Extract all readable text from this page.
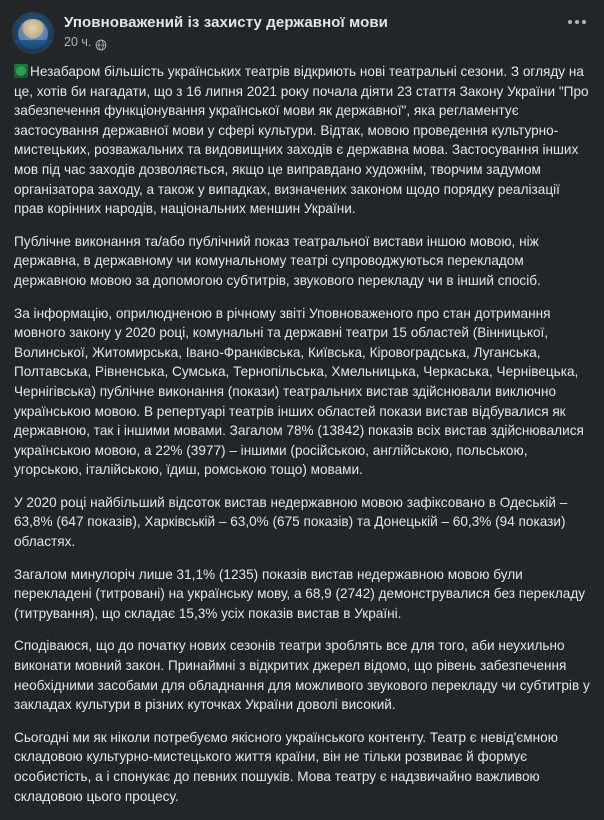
Уповноважений із захисту державної мови
20 ч.

Незабаром більшість українських театрів відкриють нові театральні сезони. З огляду на це, хотів би нагадати, що з 16 липня 2021 року почала діяти 23 стаття Закону України "Про забезпечення функціонування української мови як державної", яка регламентує застосування державної мови у сфері культури. Відтак, мовою проведення культурно-мистецьких, розважальних та видовищних заходів є державна мова. Застосування інших мов під час заходів дозволяється, якщо це виправдано художнім, творчим задумом організатора заходу, а також у випадках, визначених законом щодо порядку реалізації прав корінних народів, національних меншин України.

Публічне виконання та/або публічний показ театральної вистави іншою мовою, ніж державна, в державному чи комунальному театрі супроводжуються перекладом державною мовою за допомогою субтитрів, звукового перекладу чи в інший спосіб.

За інформацію, оприлюдненою в річному звіті Уповноваженого про стан дотримання мовного закону у 2020 році, комунальні та державні театри 15 областей (Вінницької, Волинської, Житомирська, Івано-Франківська, Київська, Кіровоградська, Луганська, Полтавська, Рівненська, Сумська, Тернопільська, Хмельницька, Черкаська, Чернівецька, Чернігівська) публічне виконання (покази) театральних вистав здійснювали виключно українською мовою. В репертуарі театрів інших областей покази вистав відбувалися як державною, так і іншими мовами. Загалом 78% (13842) показів всіх вистав здійснювалися українською мовою, а 22% (3977) – іншими (російською, англійською, польською, угорською, італійською, їдиш, ромською тощо) мовами.

У 2020 році найбільший відсоток вистав недержавною мовою зафіксовано в Одеській – 63,8% (647 показів), Харківській – 63,0% (675 показів) та Донецькій – 60,3% (94 покази) областях.

Загалом минулоріч лише 31,1% (1235) показів вистав недержавною мовою були перекладені (титровані) на українську мову, а 68,9 (2742) демонструвалися без перекладу (титрування), що складає 15,3% усіх показів вистав в Україні.

Сподіваюся, що до початку нових сезонів театри зроблять все для того, аби неухильно виконати мовний закон. Принаймні з відкритих джерел відомо, що рівень забезпечення необхідними засобами для обладнання для можливого звукового перекладу чи субтитрів у закладах культури в різних куточках України доволі високий.

Сьогодні ми як ніколи потребуємо якісного українського контенту. Театр є невід'ємною складовою культурно-мистецького життя країни, він не тільки розвиває й формує особистість, а і спонукає до певних пошуків. Мова театру є надзвичайно важливою складовою цього процесу.
